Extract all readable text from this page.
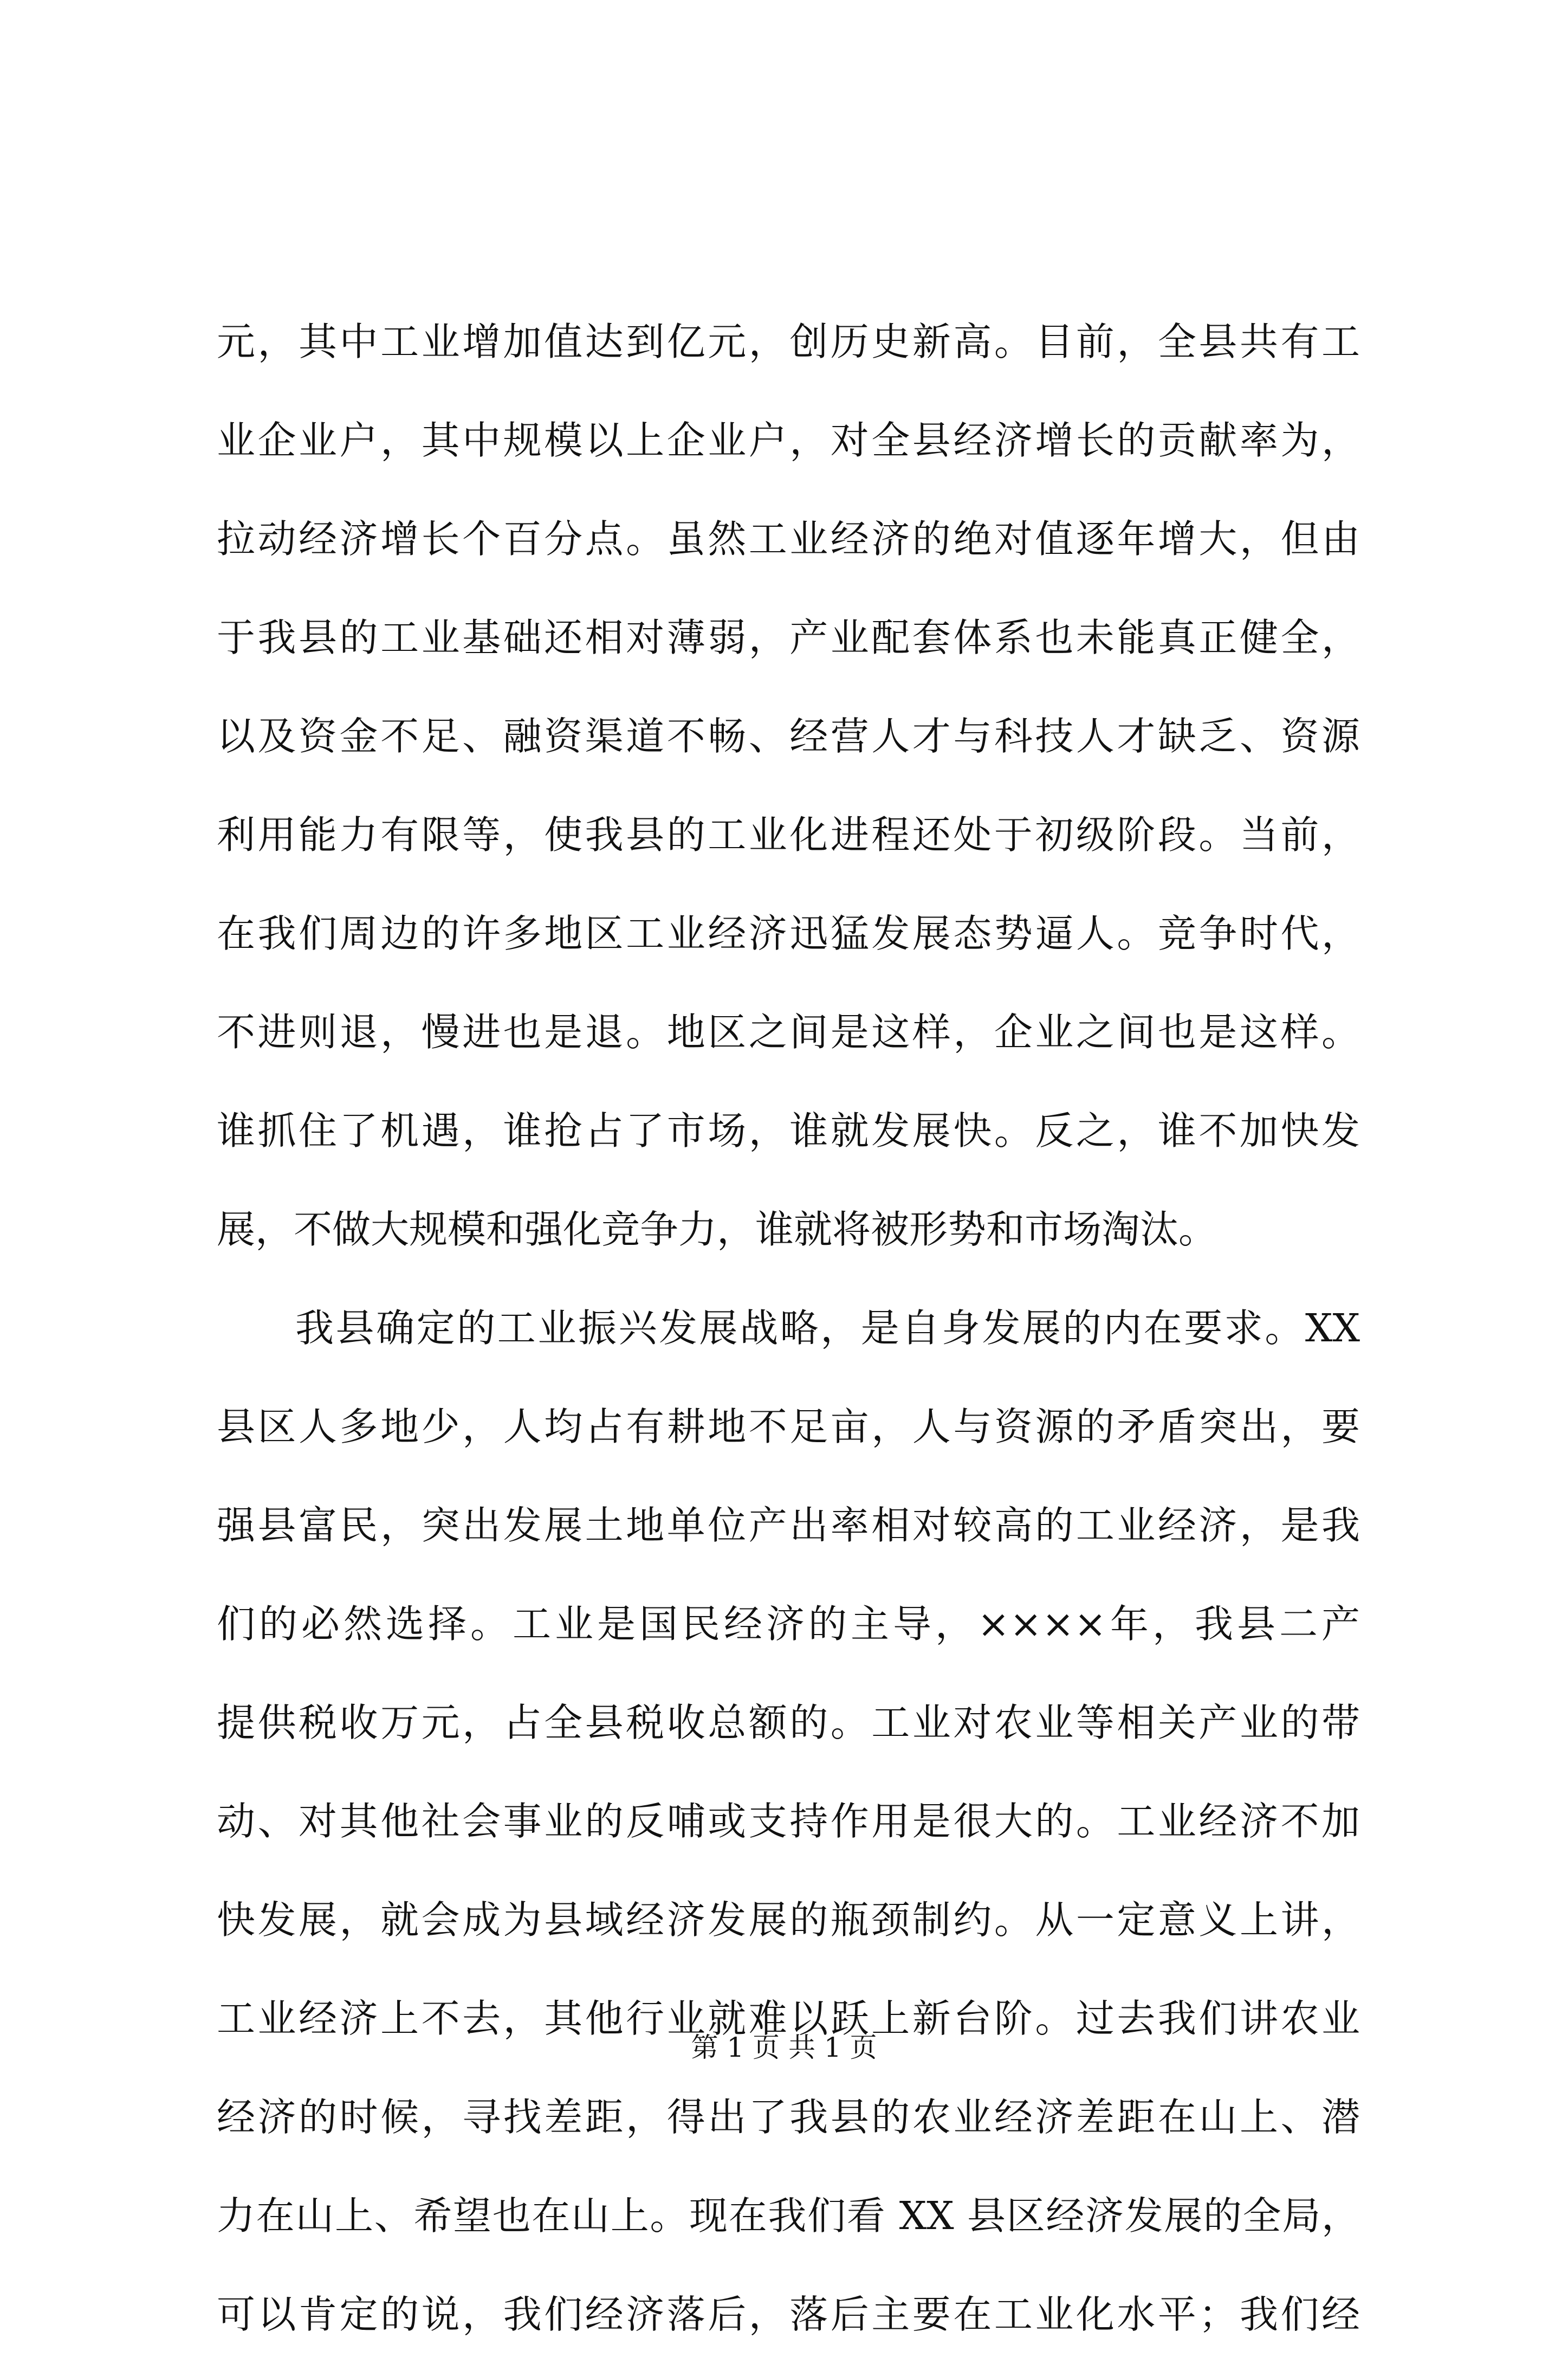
元，其中工业增加值达到亿元，创历史新高。目前，全县共有工
业企业户，其中规模以上企业户，对全县经济增长的贡献率为，
拉动经济增长个百分点。虽然工业经济的绝对值逐年增大，但由
于我县的工业基础还相对薄弱，产业配套体系也未能真正健全，
以及资金不足、融资渠道不畅、经营人才与科技人才缺乏、资源
利用能力有限等，使我县的工业化进程还处于初级阶段。当前，
在我们周边的许多地区工业经济迅猛发展态势逼人。竞争时代，
不进则退，慢进也是退。地区之间是这样，企业之间也是这样。
谁抓住了机遇，谁抢占了市场，谁就发展快。反之，谁不加快发
展，不做大规模和强化竞争力，谁就将被形势和市场淘汰。
我县确定的工业振兴发展战略，是自身发展的内在要求。XX
县区人多地少，人均占有耕地不足亩，人与资源的矛盾突出，要
强县富民，突出发展土地单位产出率相对较高的工业经济，是我
们的必然选择。工业是国民经济的主导，××××年，我县二产
提供税收万元，占全县税收总额的。工业对农业等相关产业的带
动、对其他社会事业的反哺或支持作用是很大的。工业经济不加
快发展，就会成为县域经济发展的瓶颈制约。从一定意义上讲，
工业经济上不去，其他行业就难以跃上新台阶。过去我们讲农业
经济的时候，寻找差距，得出了我县的农业经济差距在山上、潜
力在山上、希望也在山上。现在我们看 XX 县区经济发展的全局，
可以肯定的说，我们经济落后，落后主要在工业化水平；我们经
第 1 页 共 1 页
